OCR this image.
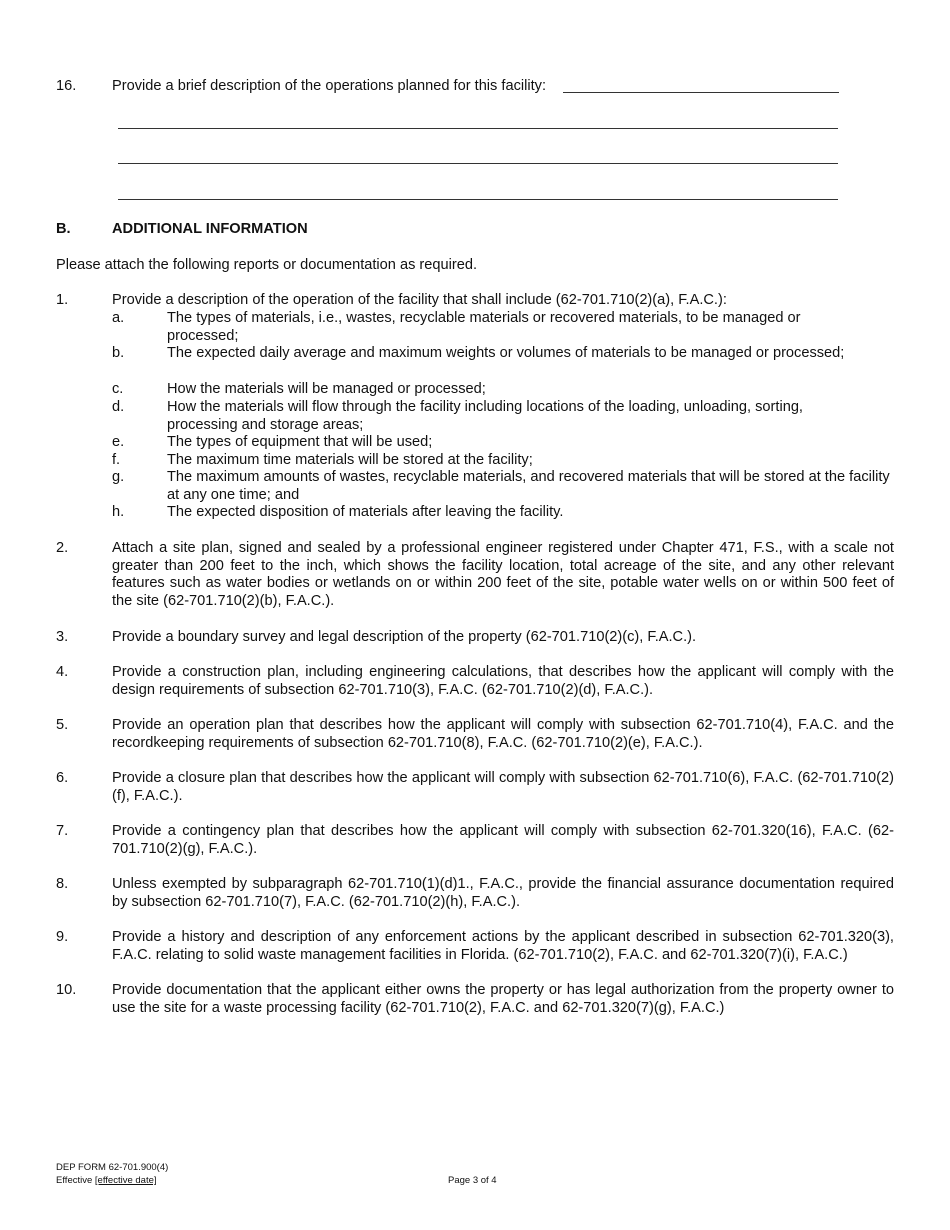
16. Provide a brief description of the operations planned for this facility:
B.	ADDITIONAL INFORMATION
Please attach the following reports or documentation as required.
1.	Provide a description of the operation of the facility that shall include (62-701.710(2)(a), F.A.C.):
a.	The types of materials, i.e., wastes, recyclable materials or recovered materials, to be managed or processed;
b.	The expected daily average and maximum weights or volumes of materials to be managed or processed;
c.	How the materials will be managed or processed;
d.	How the materials will flow through the facility including locations of the loading, unloading, sorting, processing and storage areas;
e.	The types of equipment that will be used;
f.	The maximum time materials will be stored at the facility;
g.	The maximum amounts of wastes, recyclable materials, and recovered materials that will be stored at the facility at any one time; and
h.	The expected disposition of materials after leaving the facility.
2.	Attach a site plan, signed and sealed by a professional engineer registered under Chapter 471, F.S., with a scale not greater than 200 feet to the inch, which shows the facility location, total acreage of the site, and any other relevant features such as water bodies or wetlands on or within 200 feet of the site, potable water wells on or within 500 feet of the site (62-701.710(2)(b), F.A.C.).
3.	Provide a boundary survey and legal description of the property (62-701.710(2)(c), F.A.C.).
4.	Provide a construction plan, including engineering calculations, that describes how the applicant will comply with the design requirements of subsection 62-701.710(3), F.A.C. (62-701.710(2)(d), F.A.C.).
5.	Provide an operation plan that describes how the applicant will comply with subsection 62-701.710(4), F.A.C. and the recordkeeping requirements of subsection 62-701.710(8), F.A.C. (62-701.710(2)(e), F.A.C.).
6.	Provide a closure plan that describes how the applicant will comply with subsection 62-701.710(6), F.A.C. (62-701.710(2)(f), F.A.C.).
7.	Provide a contingency plan that describes how the applicant will comply with subsection 62-701.320(16), F.A.C. (62-701.710(2)(g), F.A.C.).
8.	Unless exempted by subparagraph 62-701.710(1)(d)1., F.A.C., provide the financial assurance documentation required by subsection 62-701.710(7), F.A.C. (62-701.710(2)(h), F.A.C.).
9.	Provide a history and description of any enforcement actions by the applicant described in subsection 62-701.320(3), F.A.C. relating to solid waste management facilities in Florida. (62-701.710(2), F.A.C. and 62-701.320(7)(i), F.A.C.)
10. Provide documentation that the applicant either owns the property or has legal authorization from the property owner to use the site for a waste processing facility (62-701.710(2), F.A.C. and 62-701.320(7)(g), F.A.C.)
DEP FORM 62-701.900(4)
Effective [effective date]	Page 3 of 4
